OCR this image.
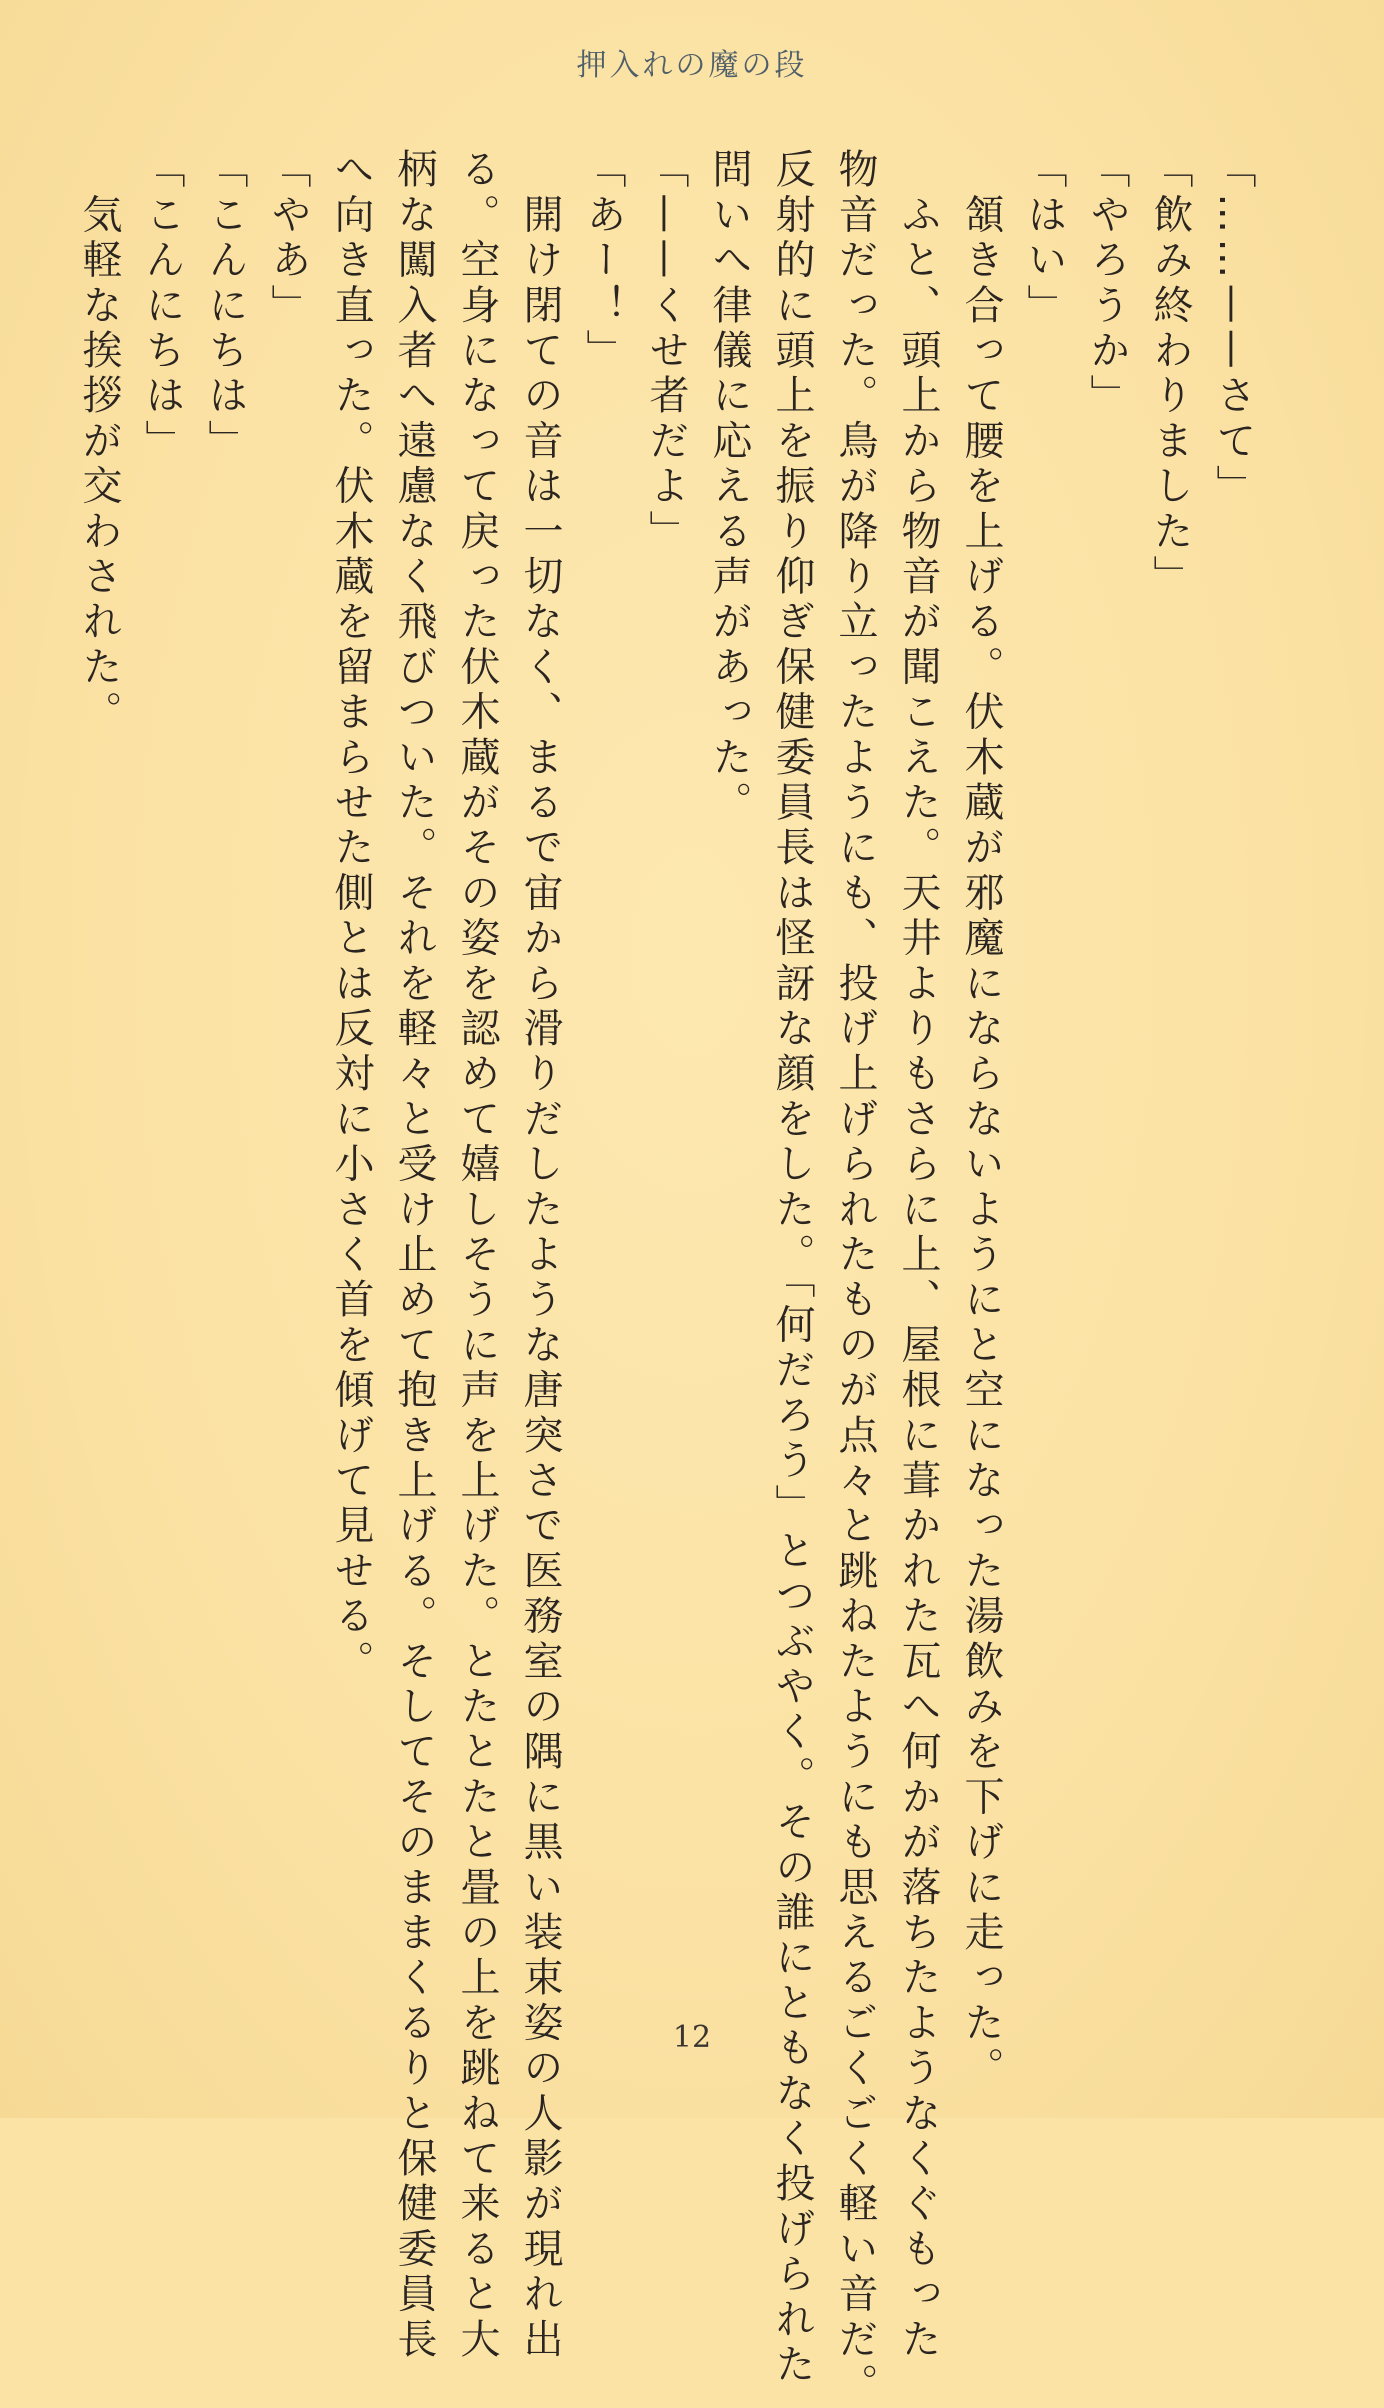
押入れの魔の段
「……——さて」
「飲み終わりました」
「やろうか」
「はい」
　頷き合って腰を上げる。伏木蔵が邪魔にならないようにと空になった湯飲みを下げに走った。
　ふと、頭上から物音が聞こえた。天井よりもさらに上、屋根に葺かれた瓦へ何かが落ちたようなくぐもった
物音だった。鳥が降り立ったようにも、投げ上げられたものが点々と跳ねたようにも思えるごくごく軽い音だ。
反射的に頭上を振り仰ぎ保健委員長は怪訝な顔をした。「何だろう」とつぶやく。その誰にともなく投げられた
問いへ律儀に応える声があった。
「——くせ者だよ」
「あー！」
　開け閉ての音は一切なく、まるで宙から滑りだしたような唐突さで医務室の隅に黒い装束姿の人影が現れ出
る。空身になって戻った伏木蔵がその姿を認めて嬉しそうに声を上げた。とたとたと畳の上を跳ねて来ると大
柄な闖入者へ遠慮なく飛びついた。それを軽々と受け止めて抱き上げる。そしてそのままくるりと保健委員長
へ向き直った。伏木蔵を留まらせた側とは反対に小さく首を傾げて見せる。
「やあ」
「こんにちは」
「こんにちは」
　気軽な挨拶が交わされた。
12
